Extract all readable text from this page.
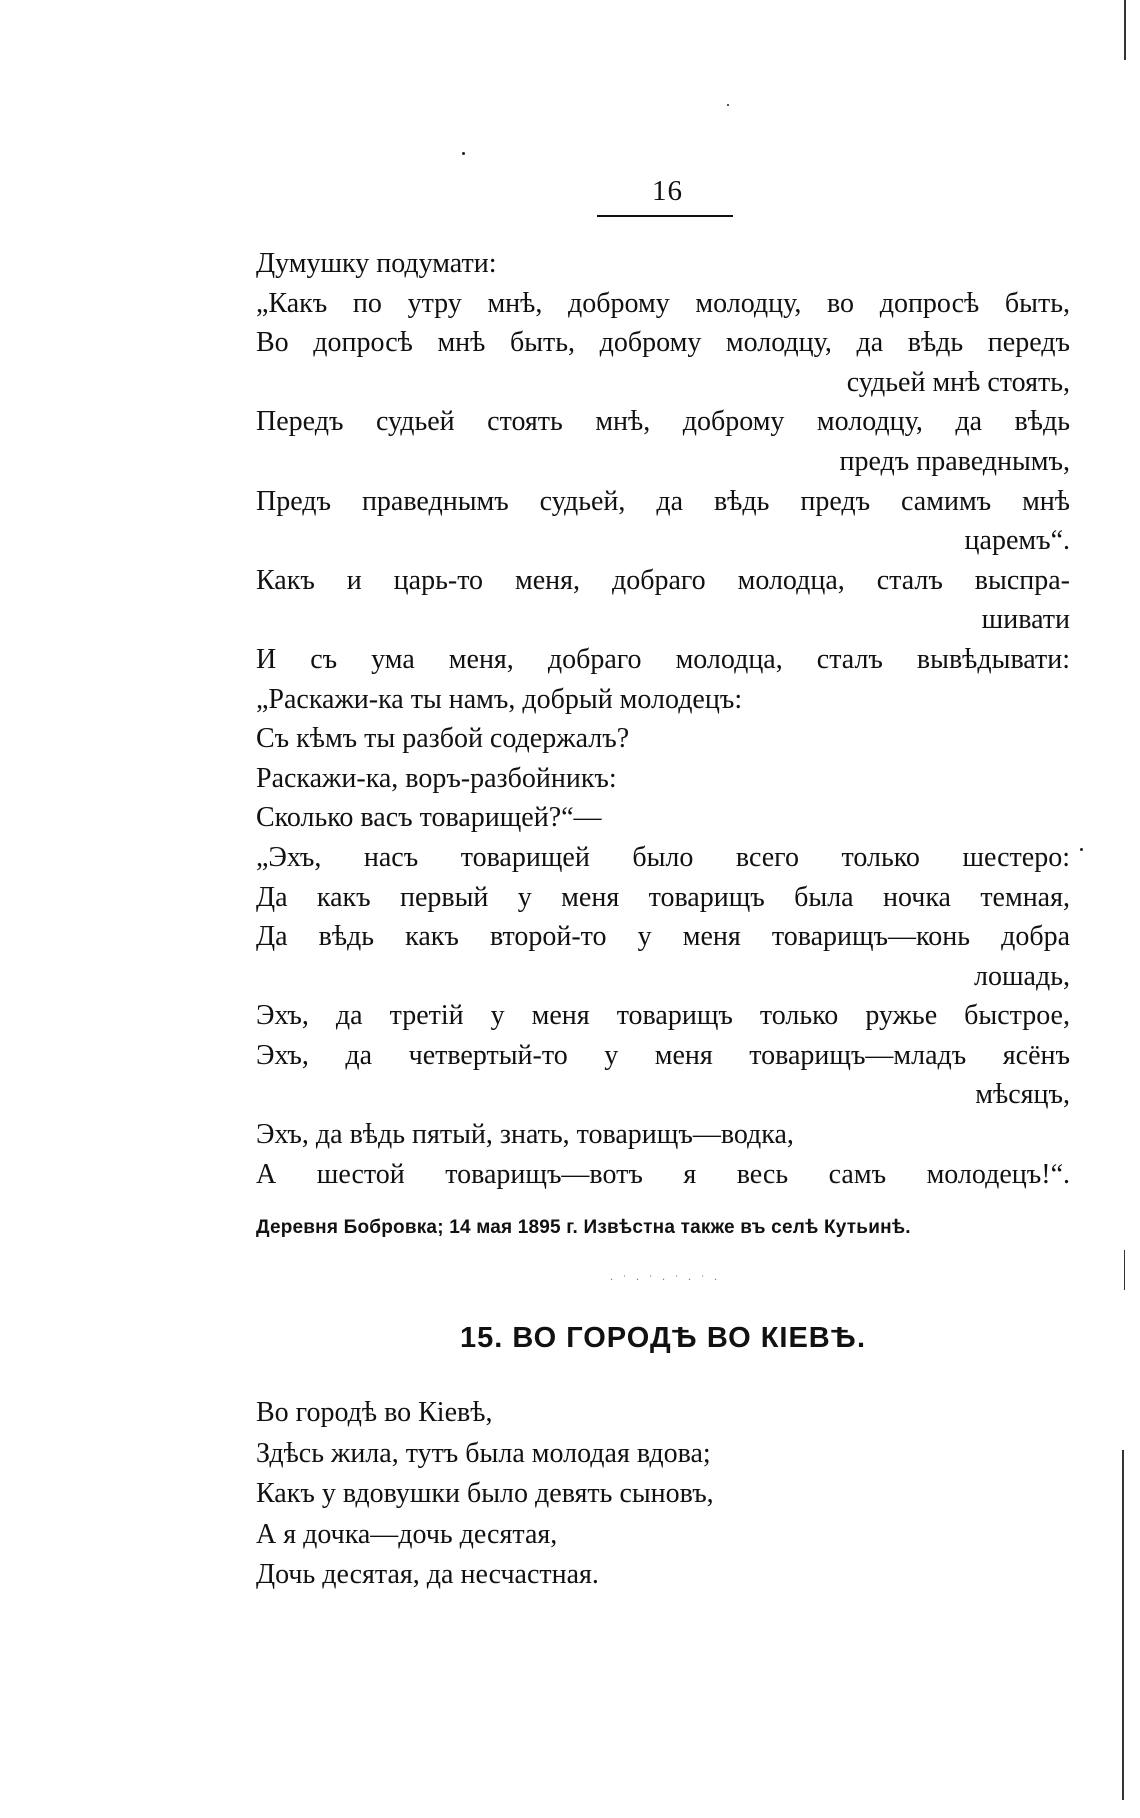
16
Думушку подумати:
„Какъ по утру мнѣ, доброму молодцу, во допросѣ быть,
Во допросѣ мнѣ быть, доброму молодцу, да вѣдь передъ
судьей мнѣ стоять,
Передъ судьей стоять мнѣ, доброму молодцу, да вѣдь
предъ праведнымъ,
Предъ праведнымъ судьей, да вѣдь предъ самимъ мнѣ
царемъ“.
Какъ и царь-то меня, добраго молодца, сталъ выспра-
шивати
И съ ума меня, добраго молодца, сталъ вывѣдывати:
„Раскажи-ка ты намъ, добрый молодецъ:
Съ кѣмъ ты разбой содержалъ?
Раскажи-ка, воръ-разбойникъ:
Сколько васъ товарищей?“—
„Эхъ, насъ товарищей было всего только шестеро:
Да какъ первый у меня товарищъ была ночка темная,
Да вѣдь какъ второй-то у меня товарищъ—конь добра
лошадь,
Эхъ, да третій у меня товарищъ только ружье быстрое,
Эхъ, да четвертый-то у меня товарищъ—младъ ясёнъ
мѣсяцъ,
Эхъ, да вѣдь пятый, знать, товарищъ—водка,
А шестой товарищъ—вотъ я весь самъ молодецъ!“.
Деревня Бобровка; 14 мая 1895 г. Извѣстна также въ селѣ Кутьинѣ.
· ˙ · ˙ · ˙ · ˙ ·
15. ВО ГОРОДѢ ВО КІЕВѢ.
Во городѣ во Кіевѣ,
Здѣсь жила, тутъ была молодая вдова;
Какъ у вдовушки было девять сыновъ,
А я дочка—дочь десятая,
Дочь десятая, да несчастная.
